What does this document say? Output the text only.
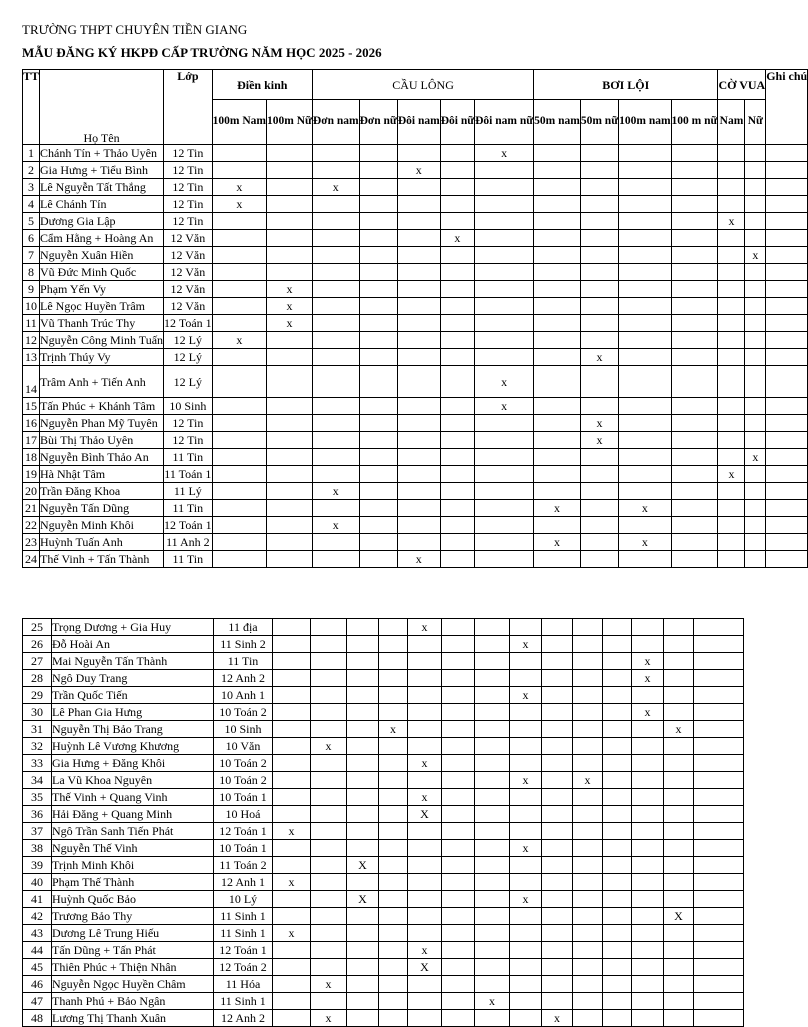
TRƯỜNG THPT CHUYÊN TIỀN GIANG
MẪU ĐĂNG KÝ HKPĐ CẤP TRƯỜNG NĂM HỌC 2025 - 2026
TT	Họ Tên	Lớp	Điền kinh		CẦU LÔNG					BƠI LỘI				CỜ VUA		Ghi chú
			100m Nam	100m Nữ	Đơn nam	Đơn nữ	Đôi nam	Đôi nữ	Đôi nam nữ	50m nam	50m nữ	100m nam	100 m nữ	Nam	Nữ	
1	Chánh Tín + Thảo Uyên	12 Tin							x							
2	Gia Hưng + Tiểu Bình	12 Tin					x									
3	Lê Nguyễn Tất Thắng	12 Tin	x		x											
4	Lê Chánh Tín	12 Tin	x													
5	Dương Gia Lập	12 Tin												x		
6	Cẩm Hằng + Hoàng An	12 Văn						x								
7	Nguyễn Xuân Hiền	12 Văn													x	
8	Vũ Đức Minh Quốc	12 Văn														
9	Phạm Yến Vy	12 Văn		x												
10	Lê Ngọc Huyền Trâm	12 Văn		x												
11	Vũ Thanh Trúc Thy	12 Toán 1		x												
12	Nguyễn Công Minh Tuấn	12 Lý	x													
13	Trịnh Thúy Vy	12 Lý									x					
14	Trâm Anh + Tiến Anh	12 Lý							x							
15	Tấn Phúc + Khánh Tâm	10 Sinh							x							
16	Nguyễn Phan Mỹ Tuyên	12 Tin									x					
17	Bùi Thị Thảo Uyên	12 Tin									x					
18	Nguyễn Bình Thảo An	11 Tin													x	
19	Hà Nhật Tâm	11 Toán 1												x		
20	Trần Đăng Khoa	11 Lý			x											
21	Nguyễn Tấn Dũng	11 Tin								x		x				
22	Nguyễn Minh Khôi	12 Toán 1			x											
23	Huỳnh Tuấn Anh	11 Anh 2								x		x				
24	Thế Vinh + Tấn Thành	11 Tin					x									
25	Trọng Dương + Gia Huy	11 địa					x									
26	Đỗ Hoài An	11 Sinh 2								x						
27	Mai Nguyễn Tấn Thành	11 Tin												x		
28	Ngô Duy Trang	12 Anh 2												x		
29	Trần Quốc Tiến	10 Anh 1								x						
30	Lê Phan Gia Hưng	10 Toán 2												x		
31	Nguyễn Thị Bảo Trang	10 Sinh				x									x	
32	Huỳnh Lê Vương Khương	10 Văn		x												
33	Gia Hưng + Đăng Khôi	10 Toán 2					x									
34	La Vũ Khoa Nguyên	10 Toán 2								x		x				
35	Thế Vinh + Quang Vinh	10 Toán 1					x									
36	Hải Đăng + Quang Minh	10 Hoá					X									
37	Ngô Trần Sanh Tiến Phát	12 Toán 1	x													
38	Nguyễn Thế Vinh	10 Toán 1								x						
39	Trịnh Minh Khôi	11 Toán 2			X											
40	Phạm Thế Thành	12 Anh 1	x													
41	Huỳnh Quốc Bảo	10 Lý			X					x						
42	Trương Bảo Thy	11 Sinh 1													X	
43	Dương Lê Trung Hiếu	11 Sinh 1	x													
44	Tấn Dũng + Tấn Phát	12 Toán 1					x									
45	Thiên Phúc + Thiện Nhân	12 Toán 2					X									
46	Nguyễn Ngọc Huyền Châm	11 Hóa		x												
47	Thanh Phú + Bảo Ngân	11 Sinh 1							x							
48	Lương Thị Thanh Xuân	12 Anh 2		x							x					
